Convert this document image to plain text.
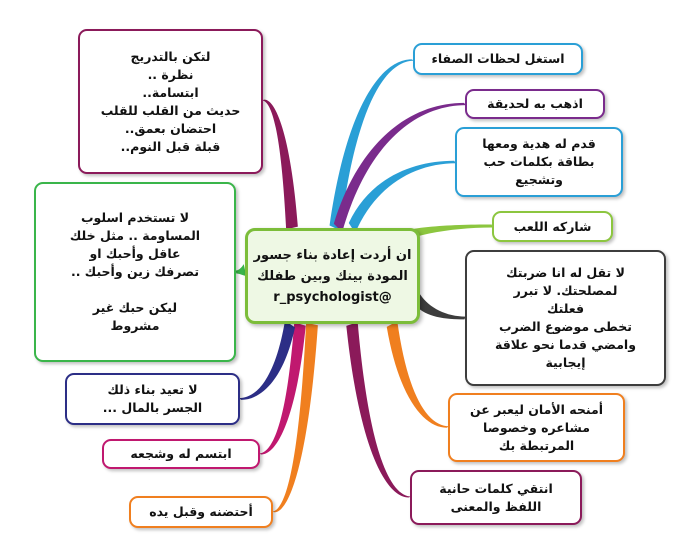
ان أردت إعادة بناء جسور
المودة بينك وبين طفلك
@r_psychologist
استغل لحظات الصفاء
اذهب به لحديقة
قدم له هدية ومعها
بطاقة بكلمات حب
وتشجيع
شاركه اللعب
لا تقل له انا ضربتك
لمصلحتك. لا تبرر
فعلتك
تخطى موضوع الضرب
وامضي قدما نحو علاقة
إيجابية
أمنحه الأمان ليعبر عن
مشاعره وخصوصا
المرتبطة بك
انتقي كلمات حانية
اللفظ والمعنى
أحتضنه وقبل يده
ابتسم له وشجعه
لا تعيد بناء ذلك
الجسر بالمال ...
لا تستخدم اسلوب
المساومة .. مثل خلك
عاقل وأحبك او
تصرفك زين وأحبك ..

ليكن حبك غير
مشروط
لتكن بالتدريج
نظرة ..
ابتسامة..
حديث من القلب للقلب
احتضان بعمق..
قبلة قبل النوم..
